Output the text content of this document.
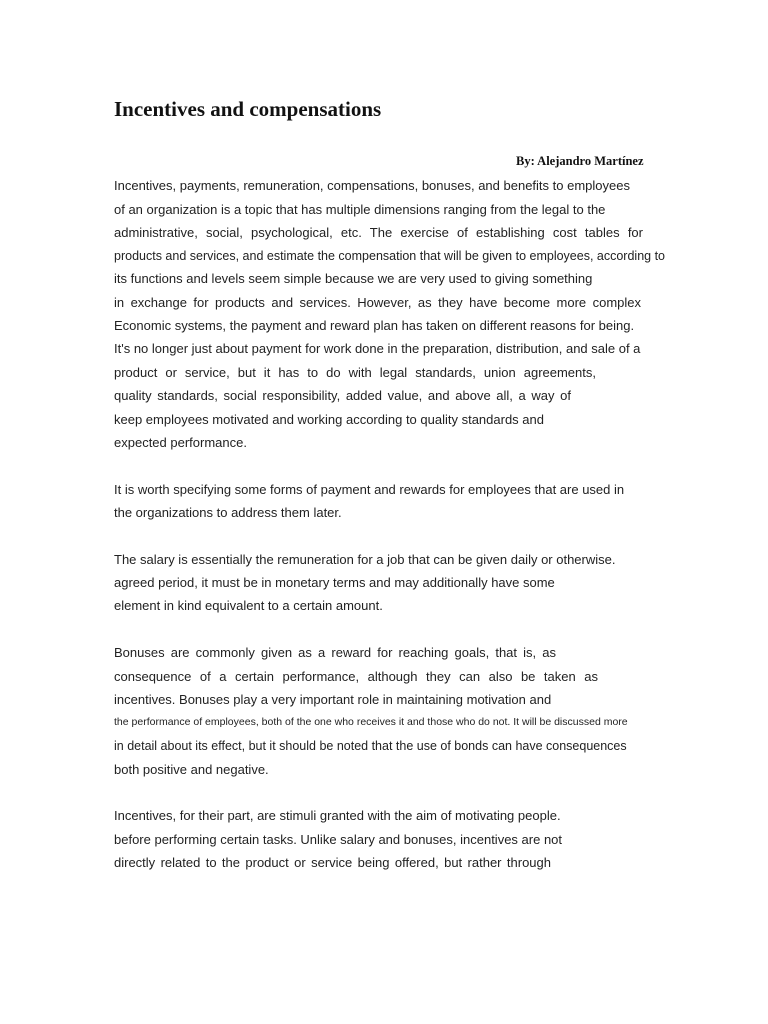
Incentives and compensations
By: Alejandro Martínez

Incentives, payments, remuneration, compensations, bonuses, and benefits to employees

of an organization is a topic that has multiple dimensions ranging from the legal to the

administrative, social, psychological, etc. The exercise of establishing cost tables for

products and services, and estimate the compensation that will be given to employees, according to

its functions and levels seem simple because we are very used to giving something

in exchange for products and services. However, as they have become more complex

Economic systems, the payment and reward plan has taken on different reasons for being.

It's no longer just about payment for work done in the preparation, distribution, and sale of a

product or service, but it has to do with legal standards, union agreements,

quality standards, social responsibility, added value, and above all, a way of

keep employees motivated and working according to quality standards and

expected performance.

It is worth specifying some forms of payment and rewards for employees that are used in

the organizations to address them later.

The salary is essentially the remuneration for a job that can be given daily or otherwise.

agreed period, it must be in monetary terms and may additionally have some

element in kind equivalent to a certain amount.

Bonuses are commonly given as a reward for reaching goals, that is, as

consequence of a certain performance, although they can also be taken as

incentives. Bonuses play a very important role in maintaining motivation and

the performance of employees, both of the one who receives it and those who do not. It will be discussed more

in detail about its effect, but it should be noted that the use of bonds can have consequences

both positive and negative.

Incentives, for their part, are stimuli granted with the aim of motivating people.

before performing certain tasks. Unlike salary and bonuses, incentives are not

directly related to the product or service being offered, but rather through
